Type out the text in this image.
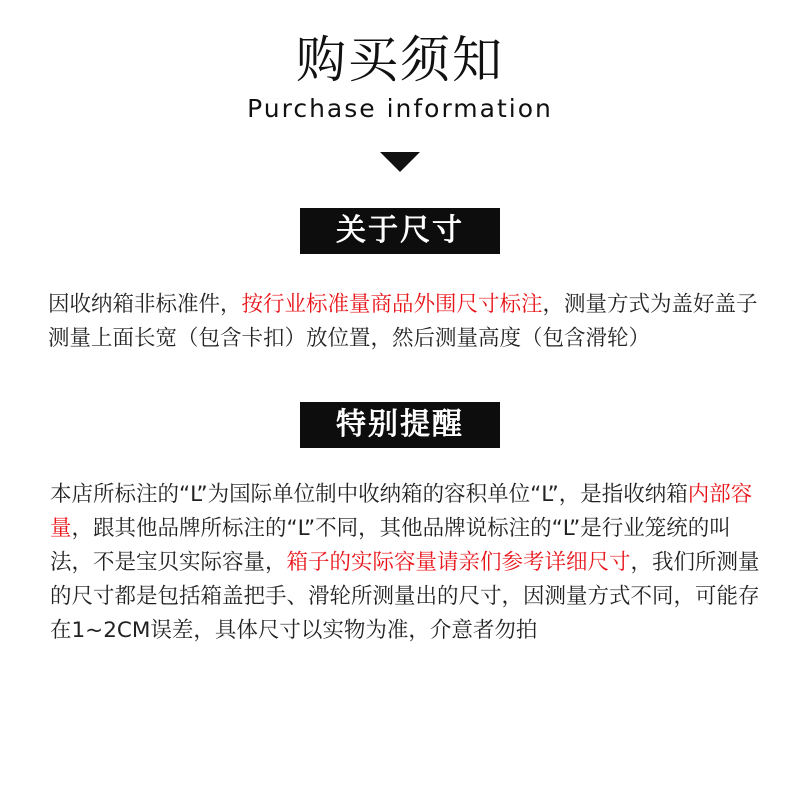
购买须知
Purchase information
关于尺寸

因收纳箱非标准件，按行业标准量商品外围尺寸标注，测量方式为盖好盖子测量上面长宽（包含卡扣）放位置，然后测量高度（包含滑轮）

特别提醒

本店所标注的“L”为国际单位制中收纳箱的容积单位“L”，是指收纳箱内部容量，跟其他品牌所标注的“L”不同，其他品牌说标注的“L”是行业笼统的叫法，不是宝贝实际容量，箱子的实际容量请亲们参考详细尺寸，我们所测量的尺寸都是包括箱盖把手、滑轮所测量出的尺寸，因测量方式不同，可能存在1~2CM误差，具体尺寸以实物为准，介意者勿拍
